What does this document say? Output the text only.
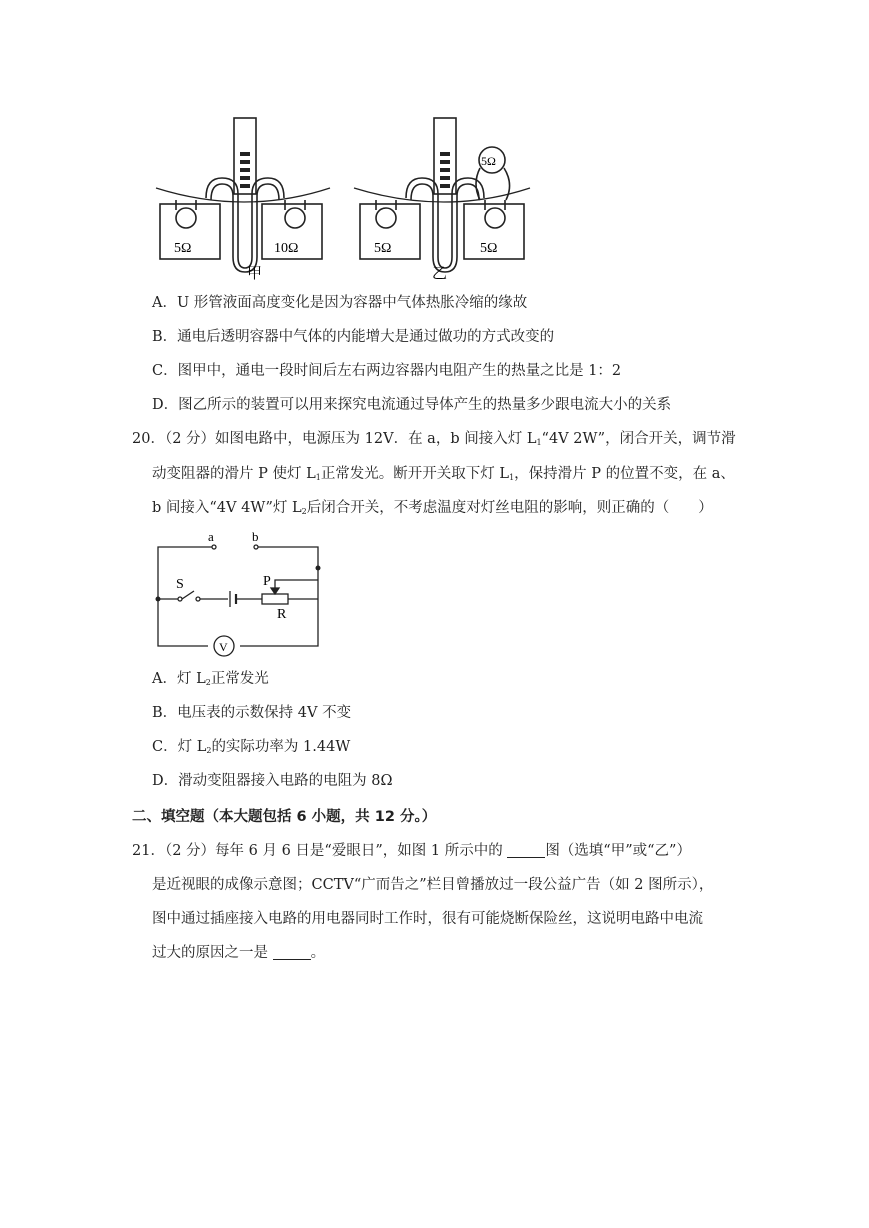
5Ω	10Ω	5Ω	5Ω
5Ω
甲	乙
A．U 形管液面高度变化是因为容器中气体热胀冷缩的缘故
B．通电后透明容器中气体的内能增大是通过做功的方式改变的
C．图甲中，通电一段时间后左右两边容器内电阻产生的热量之比是 1：2
D．图乙所示的装置可以用来探究电流通过导体产生的热量多少跟电流大小的关系
20．（2 分）如图电路中，电源压为 12V．在 a，b 间接入灯 $L_1“4V$ 2W”，闭合开关，调节滑
动变阻器的滑片 P 使灯 $L_1$正常发光。断开开关取下灯 $L_1$，保持滑片 P 的位置不变，在 a、
b 间接入“4V 4W”灯 $L_2$后闭合开关，不考虑温度对灯丝电阻的影响，则正确的（　　）
a	b
S	P
R
V
A．灯 $L_2$正常发光
B．电压表的示数保持 4V 不变
C．灯 $L_2$的实际功率为 1.44W
D．滑动变阻器接入电路的电阻为 8Ω
二、填空题（本大题包括 6 小题，共 12 分。）
21．（2 分）每年 6 月 6 日是“爱眼日”，如图 1 所示中的	图（选填“甲”或“乙”）
是近视眼的成像示意图；CCTV“广而告之”栏目曾播放过一段公益广告（如 2 图所示），
图中通过插座接入电路的用电器同时工作时，很有可能烧断保险丝，这说明电路中电流
过大的原因之一是	。
